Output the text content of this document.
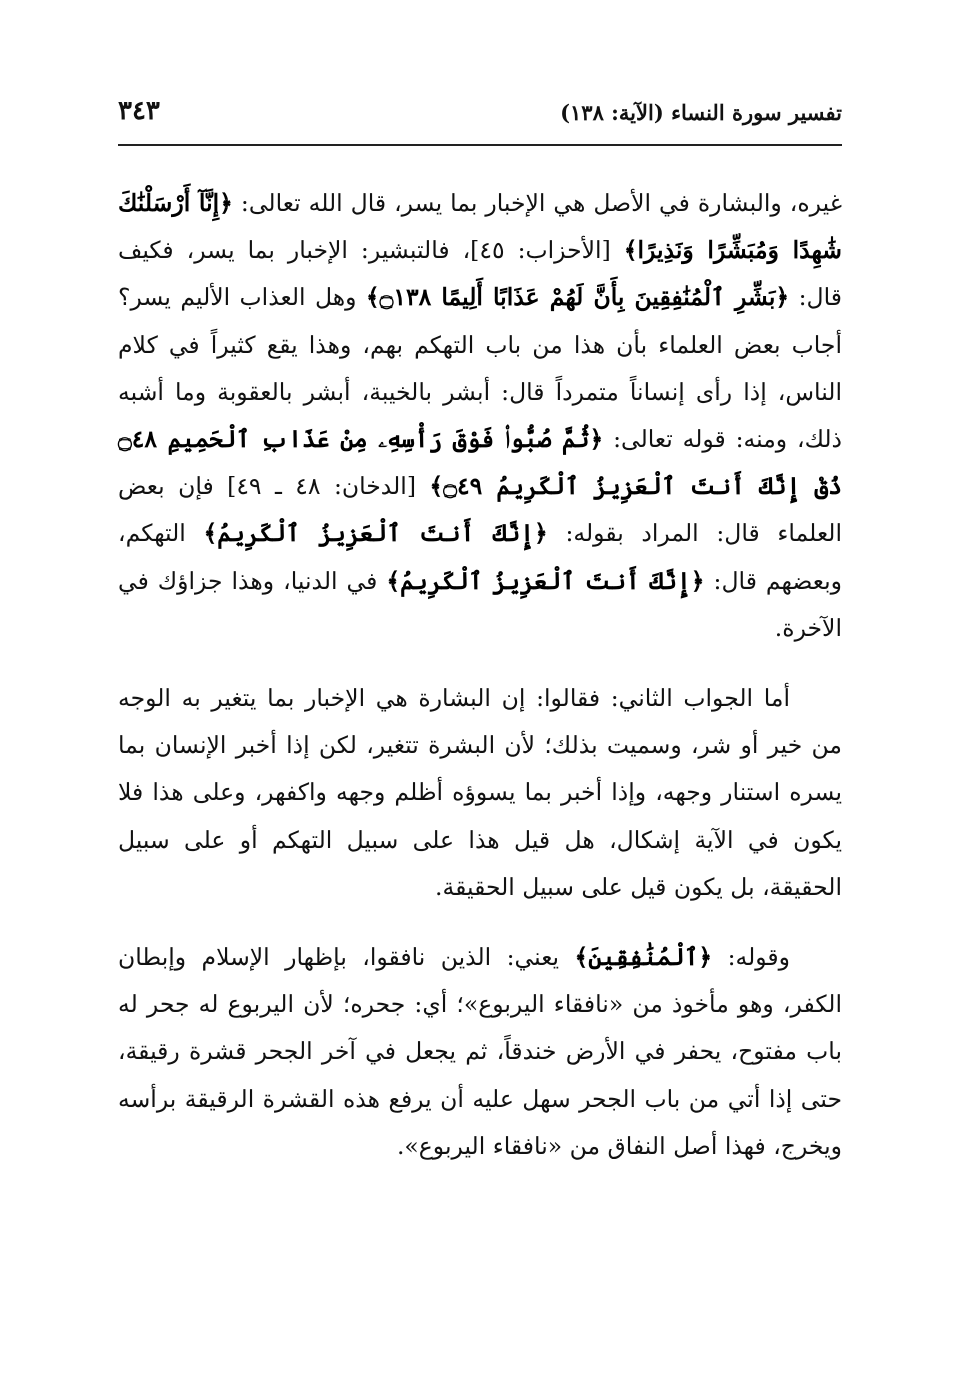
تفسير سورة النساء (الآية: ١٣٨)
٣٤٣

غيره، والبشارة في الأصل هي الإخبار بما يسر، قال الله تعالى: ﴿إِنَّآ أَرْسَلْنَٰكَ شَٰهِدًا وَمُبَشِّرًا وَنَذِيرًا﴾ [الأحزاب: ٤٥]، فالتبشير: الإخبار بما يسر، فكيف قال: ﴿بَشِّرِ ٱلْمُنَٰفِقِينَ بِأَنَّ لَهُمْ عَذَابًا أَلِيمًا ۝١٣٨﴾ وهل العذاب الأليم يسر؟ أجاب بعض العلماء بأن هذا من باب التهكم بهم، وهذا يقع كثيراً في كلام الناس، إذا رأى إنساناً متمرداً قال: أبشر بالخيبة، أبشر بالعقوبة وما أشبه ذلك، ومنه: قوله تعالى: ﴿ثُمَّ صُبُّوا۟ فَوْقَ رَأْسِهِۦ مِنْ عَذَابِ ٱلْحَمِيمِ ۝٤٨ ذُقْ إِنَّكَ أَنتَ ٱلْعَزِيزُ ٱلْكَرِيمُ ۝٤٩﴾ [الدخان: ٤٨ ـ ٤٩] فإن بعض العلماء قال: المراد بقوله: ﴿إِنَّكَ أَنتَ ٱلْعَزِيزُ ٱلْكَرِيمُ﴾ التهكم، وبعضهم قال: ﴿إِنَّكَ أَنتَ ٱلْعَزِيزُ ٱلْكَرِيمُ﴾ في الدنيا، وهذا جزاؤك في الآخرة.

أما الجواب الثاني: فقالوا: إن البشارة هي الإخبار بما يتغير به الوجه من خير أو شر، وسميت بذلك؛ لأن البشرة تتغير، لكن إذا أخبر الإنسان بما يسره استنار وجهه، وإذا أخبر بما يسوؤه أظلم وجهه واكفهر، وعلى هذا فلا يكون في الآية إشكال، هل قيل هذا على سبيل التهكم أو على سبيل الحقيقة، بل يكون قيل على سبيل الحقيقة.

وقوله: ﴿ٱلْمُنَٰفِقِينَ﴾ يعني: الذين نافقوا، بإظهار الإسلام وإبطان الكفر، وهو مأخوذ من «نافقاء اليربوع»؛ أي: جحره؛ لأن اليربوع له جحر له باب مفتوح، يحفر في الأرض خندقاً، ثم يجعل في آخر الجحر قشرة رقيقة، حتى إذا أتي من باب الجحر سهل عليه أن يرفع هذه القشرة الرقيقة برأسه ويخرج، فهذا أصل النفاق من «نافقاء اليربوع».
